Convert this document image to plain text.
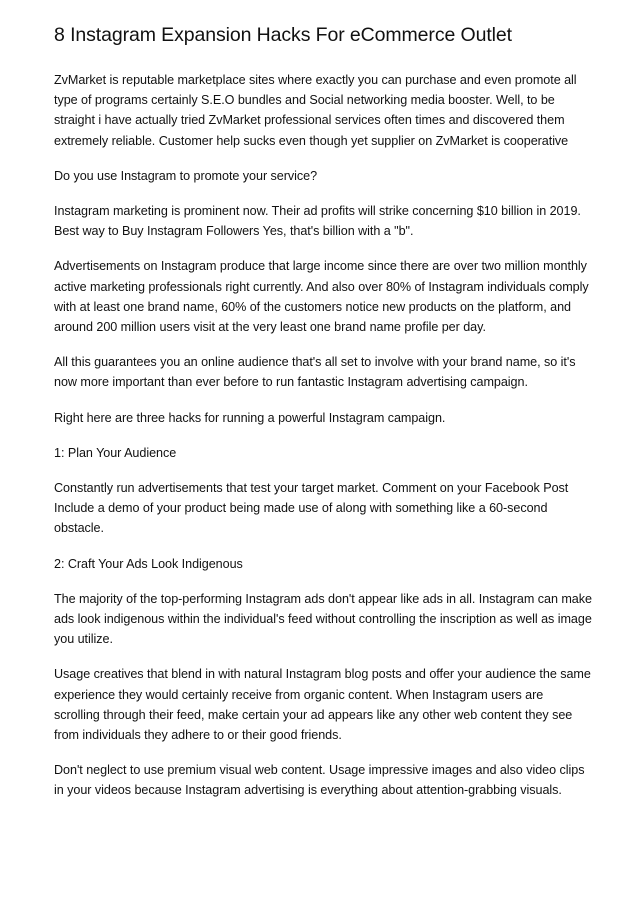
8 Instagram Expansion Hacks For eCommerce Outlet

ZvMarket is reputable marketplace sites where exactly you can purchase and even promote all type of programs certainly S.E.O bundles and Social networking media booster. Well, to be straight i have actually tried ZvMarket professional services often times and discovered them extremely reliable. Customer help sucks even though yet supplier on ZvMarket is cooperative

Do you use Instagram to promote your service?

Instagram marketing is prominent now. Their ad profits will strike concerning $10 billion in 2019. Best way to Buy Instagram Followers Yes, that's billion with a "b".

Advertisements on Instagram produce that large income since there are over two million monthly active marketing professionals right currently. And also over 80% of Instagram individuals comply with at least one brand name, 60% of the customers notice new products on the platform, and around 200 million users visit at the very least one brand name profile per day.

All this guarantees you an online audience that's all set to involve with your brand name, so it's now more important than ever before to run fantastic Instagram advertising campaign.

Right here are three hacks for running a powerful Instagram campaign.

1: Plan Your Audience

Constantly run advertisements that test your target market. Comment on your Facebook Post Include a demo of your product being made use of along with something like a 60-second obstacle.

2: Craft Your Ads Look Indigenous

The majority of the top-performing Instagram ads don't appear like ads in all. Instagram can make ads look indigenous within the individual's feed without controlling the inscription as well as image you utilize.

Usage creatives that blend in with natural Instagram blog posts and offer your audience the same experience they would certainly receive from organic content. When Instagram users are scrolling through their feed, make certain your ad appears like any other web content they see from individuals they adhere to or their good friends.

Don't neglect to use premium visual web content. Usage impressive images and also video clips in your videos because Instagram advertising is everything about attention-grabbing visuals.
